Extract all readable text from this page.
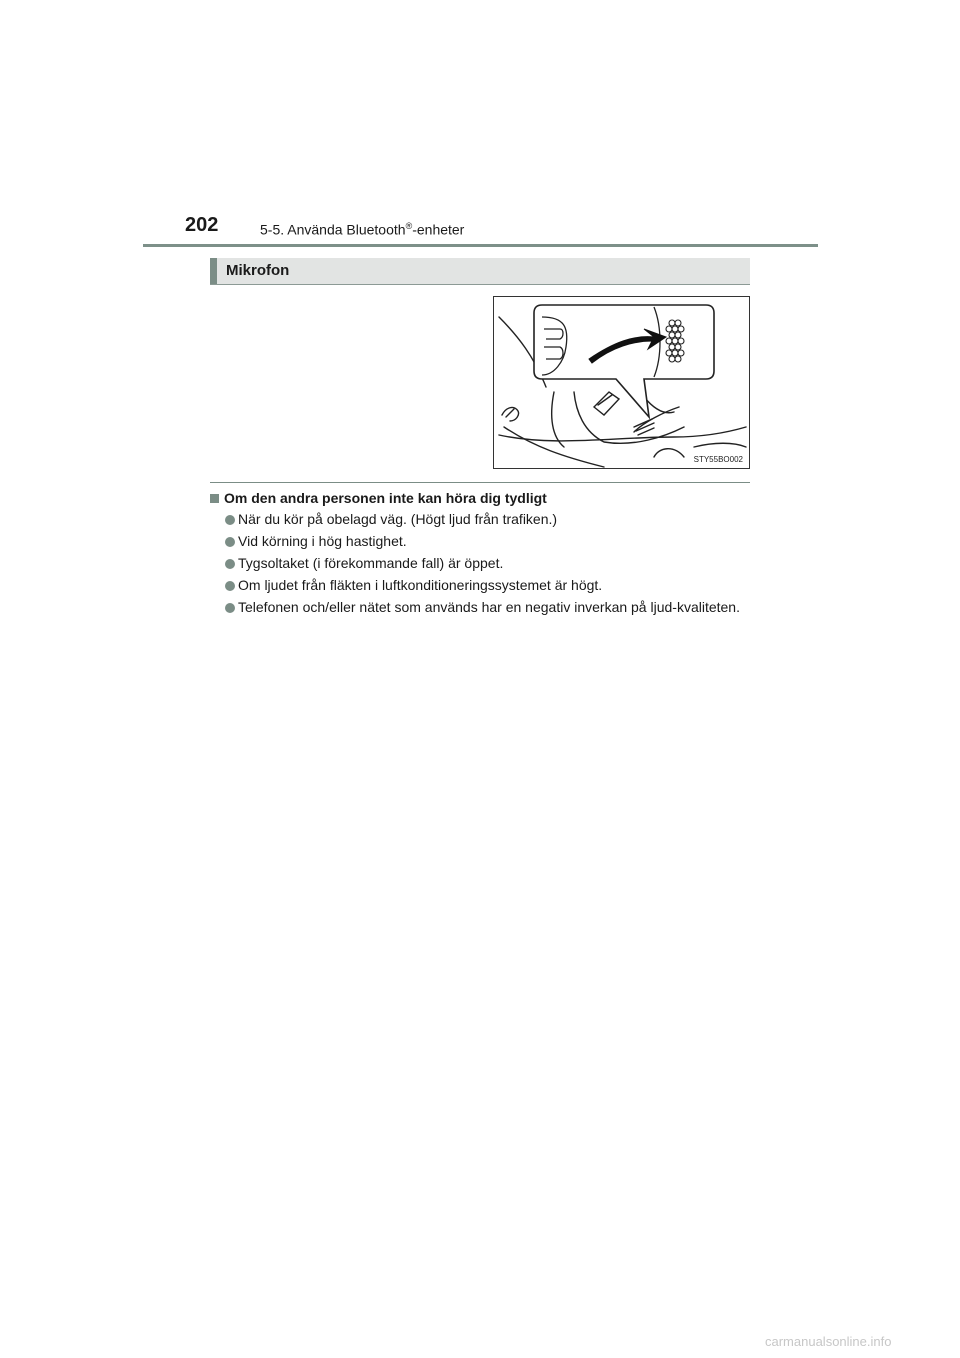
202	5-5. Använda Bluetooth®-enheter
Mikrofon
STY55BO002
Om den andra personen inte kan höra dig tydligt
När du kör på obelagd väg. (Högt ljud från trafiken.)
Vid körning i hög hastighet.
Tygsoltaket (i förekommande fall) är öppet.
Om ljudet från fläkten i luftkonditioneringssystemet är högt.
Telefonen och/eller nätet som används har en negativ inverkan på ljud-kvaliteten.
carmanualsonline.info
